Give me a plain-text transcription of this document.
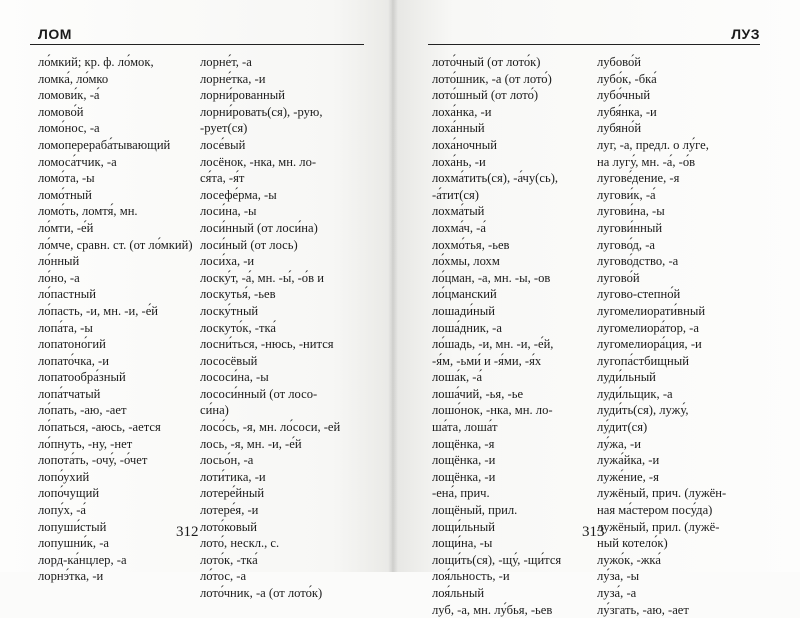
ЛОМ
ло́мкий; кр. ф. ло́мок,
ломка́, ло́мко
ломови́к, -а́
ломово́й
ломо́нос, -а
ломоперераба́тывающий
ломоса́тчик, -а
ломо́та, -ы
ломо́тный
ломо́ть, ломтя́, мн.
ло́мти, -е́й
ло́мче, сравн. ст. (от ло́мкий)
ло́нный
ло́но, -а
ло́пастный
ло́пасть, -и, мн. -и, -е́й
лопа́та, -ы
лопатоно́гий
лопато́чка, -и
лопатообра́зный
лопа́тчатый
ло́пать, -аю, -ает
ло́паться, -аюсь, -ается
ло́пнуть, -ну, -нет
лопота́ть, -очу́, -о́чет
лопо́ухий
лопо́чущий
лопу́х, -а́
лопуши́стый
лопушни́к, -а
лорд-ка́нцлер, -а
лорнэ́тка, -и
лорне́т, -а
лорне́тка, -и
лорни́рованный
лорни́ровать(ся), -рую,
-рует(ся)
лосе́вый
лосёнок, -нка, мн. ло-
ся́та, -я́т
лосефе́рма, -ы
лоси́на, -ы
лоси́нный (от лоси́на)
лоси́ный (от лось)
лоси́ха, -и
лоску́т, -а́, мн. -ы́, -о́в и
лоскутья́, -ьев
лоску́тный
лоскуто́к, -тка́
лосни́ться, -нюсь, -нится
лососёвый
лососи́на, -ы
лососи́нный (от лосо-
си́на)
лосо́сь, -я, мн. ло́соси, -ей
лось, -я, мн. -и, -е́й
лосьо́н, -а
лоти́тика, -и
лотере́йный
лотере́я, -и
лото́ковый
лото́, нескл., с.
лото́к, -тка́
ло́тос, -а
лото́чник, -а (от лото́к)
312
ЛУЗ
лото́чный (от лото́к)
лото́шник, -а (от лото́)
лото́шный (от лото́)
лоха́нка, -и
лоха́нный
лоха́ночный
лоха́нь, -и
лохма́тить(ся), -а́чу(сь),
-а́тит(ся)
лохма́тый
лохма́ч, -а́
лохмо́тья, -ьев
ло́хмы, лохм
ло́цман, -а, мн. -ы, -ов
ло́цманский
лошади́ный
лоша́дник, -а
ло́шадь, -и, мн. -и, -е́й,
-я́м, -ьми́ и -я́ми, -я́х
лоша́к, -а́
лоша́чий, -ья, -ье
лошо́нок, -нка, мн. ло-
ша́та, лоша́т
лощёнка, -я
лощёнка, -и
лощёнка, -и
-ена́, прич.
лощёный, прил.
лощи́льный
лощи́на, -ы
лощи́ть(ся), -щу́, -щи́тся
лоя́льность, -и
лоя́льный
луб, -а, мн. лу́бья, -ьев
лубово́й
лубо́к, -бка́
лубо́чный
лубя́нка, -и
лубяно́й
луг, -а, предл. о лу́ге,
на лугу́, мн. -а́, -о́в
лугове́дение, -я
лугови́к, -а́
лугови́на, -ы
лугови́нный
лугово́д, -а
лугово́дство, -а
лугово́й
лугово-степно́й
лугомелиорати́вный
лугомелиора́тор, -а
лугомелиора́ция, -и
лугопа́стбищный
луди́льный
луди́льщик, -а
луди́ть(ся), лужу́,
лу́дит(ся)
лу́жа, -и
лужа́йка, -и
луже́ние, -я
лужёный, прич. (лужён-
ная ма́стером посу́да)
лужёный, прил. (лужё-
ный котело́к)
лужо́к, -жка́
лу́за, -ы
луза́, -а
лу́згать, -аю, -ает
313
